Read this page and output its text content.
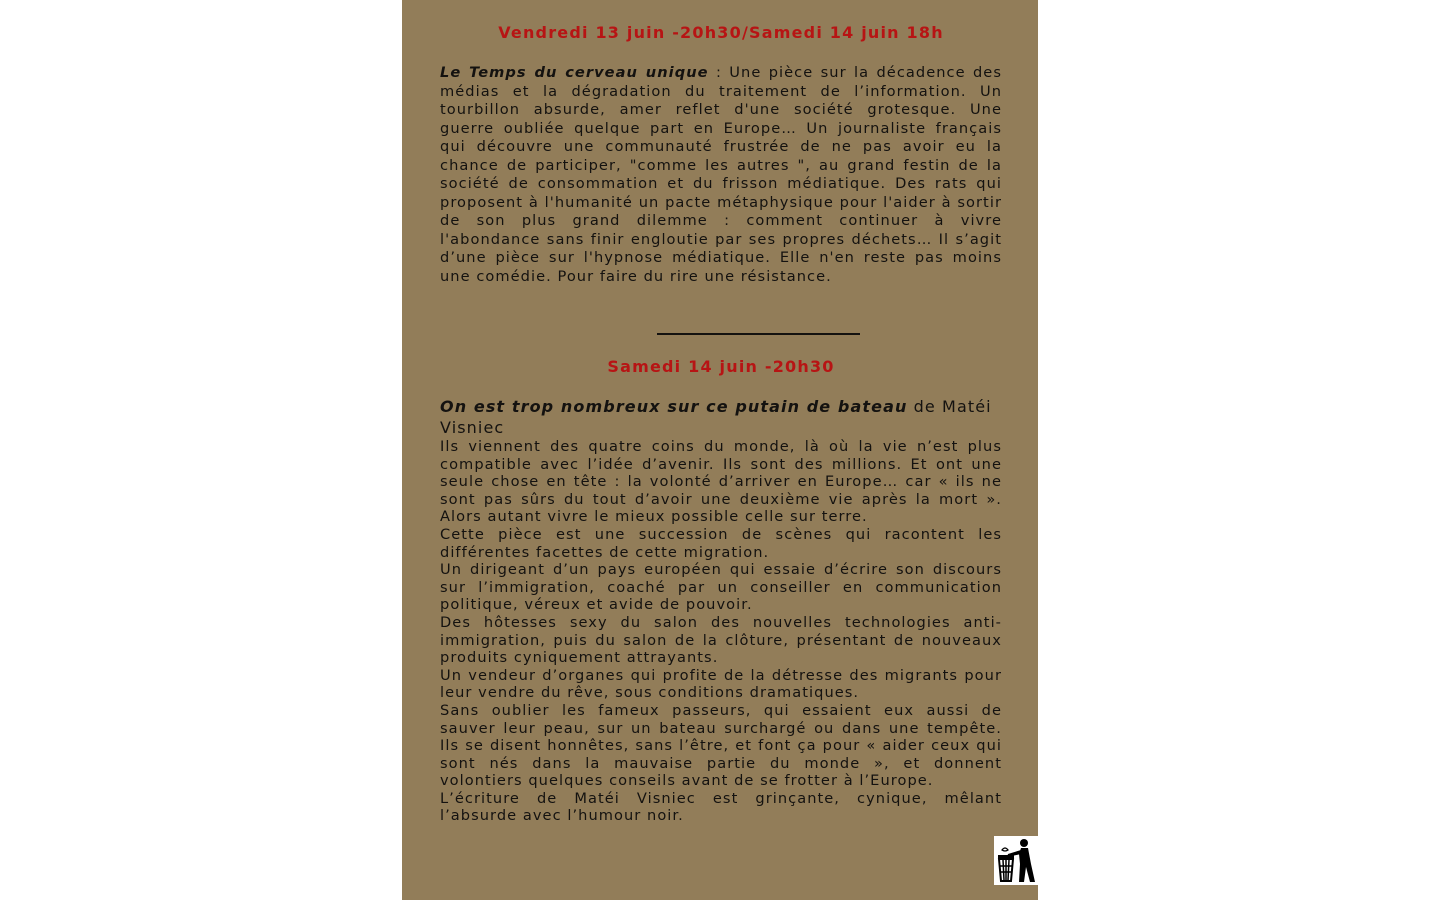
Vendredi 13 juin -20h30/Samedi 14 juin 18h
Le Temps du cerveau unique : Une pièce sur la décadence des médias et la dégradation du traitement de l’information. Un tourbillon absurde, amer reflet d'une société grotesque. Une guerre oubliée quelque part en Europe… Un journaliste français qui découvre une communauté frustrée de ne pas avoir eu la chance de participer, "comme les autres ", au grand festin de la société de consommation et du frisson médiatique. Des rats qui proposent à l'humanité un pacte métaphysique pour l'aider à sortir de son plus grand dilemme : comment continuer à vivre l'abondance sans finir engloutie par ses propres déchets… Il s’agit d’une pièce sur l'hypnose médiatique. Elle n'en reste pas moins une comédie. Pour faire du rire une résistance.
Samedi 14 juin -20h30
On est trop nombreux sur ce putain de bateau de Matéi Visniec

Ils viennent des quatre coins du monde, là où la vie n’est plus compatible avec l’idée d’avenir. Ils sont des millions. Et ont une seule chose en tête : la volonté d’arriver en Europe… car « ils ne sont pas sûrs du tout d’avoir une deuxième vie après la mort ». Alors autant vivre le mieux possible celle sur terre.

Cette pièce est une succession de scènes qui racontent les différentes facettes de cette migration.

Un dirigeant d’un pays européen qui essaie d’écrire son discours sur l’immigration, coaché par un conseiller en communication politique, véreux et avide de pouvoir.

Des hôtesses sexy du salon des nouvelles technologies anti-immigration, puis du salon de la clôture, présentant de nouveaux produits cyniquement attrayants.

Un vendeur d’organes qui profite de la détresse des migrants pour leur vendre du rêve, sous conditions dramatiques.

Sans oublier les fameux passeurs, qui essaient eux aussi de sauver leur peau, sur un bateau surchargé ou dans une tempête. Ils se disent honnêtes, sans l’être, et font ça pour « aider ceux qui sont nés dans la mauvaise partie du monde », et donnent volontiers quelques conseils avant de se frotter à l’Europe.

L’écriture de Matéi Visniec est grinçante, cynique, mêlant l’absurde avec l’humour noir.
